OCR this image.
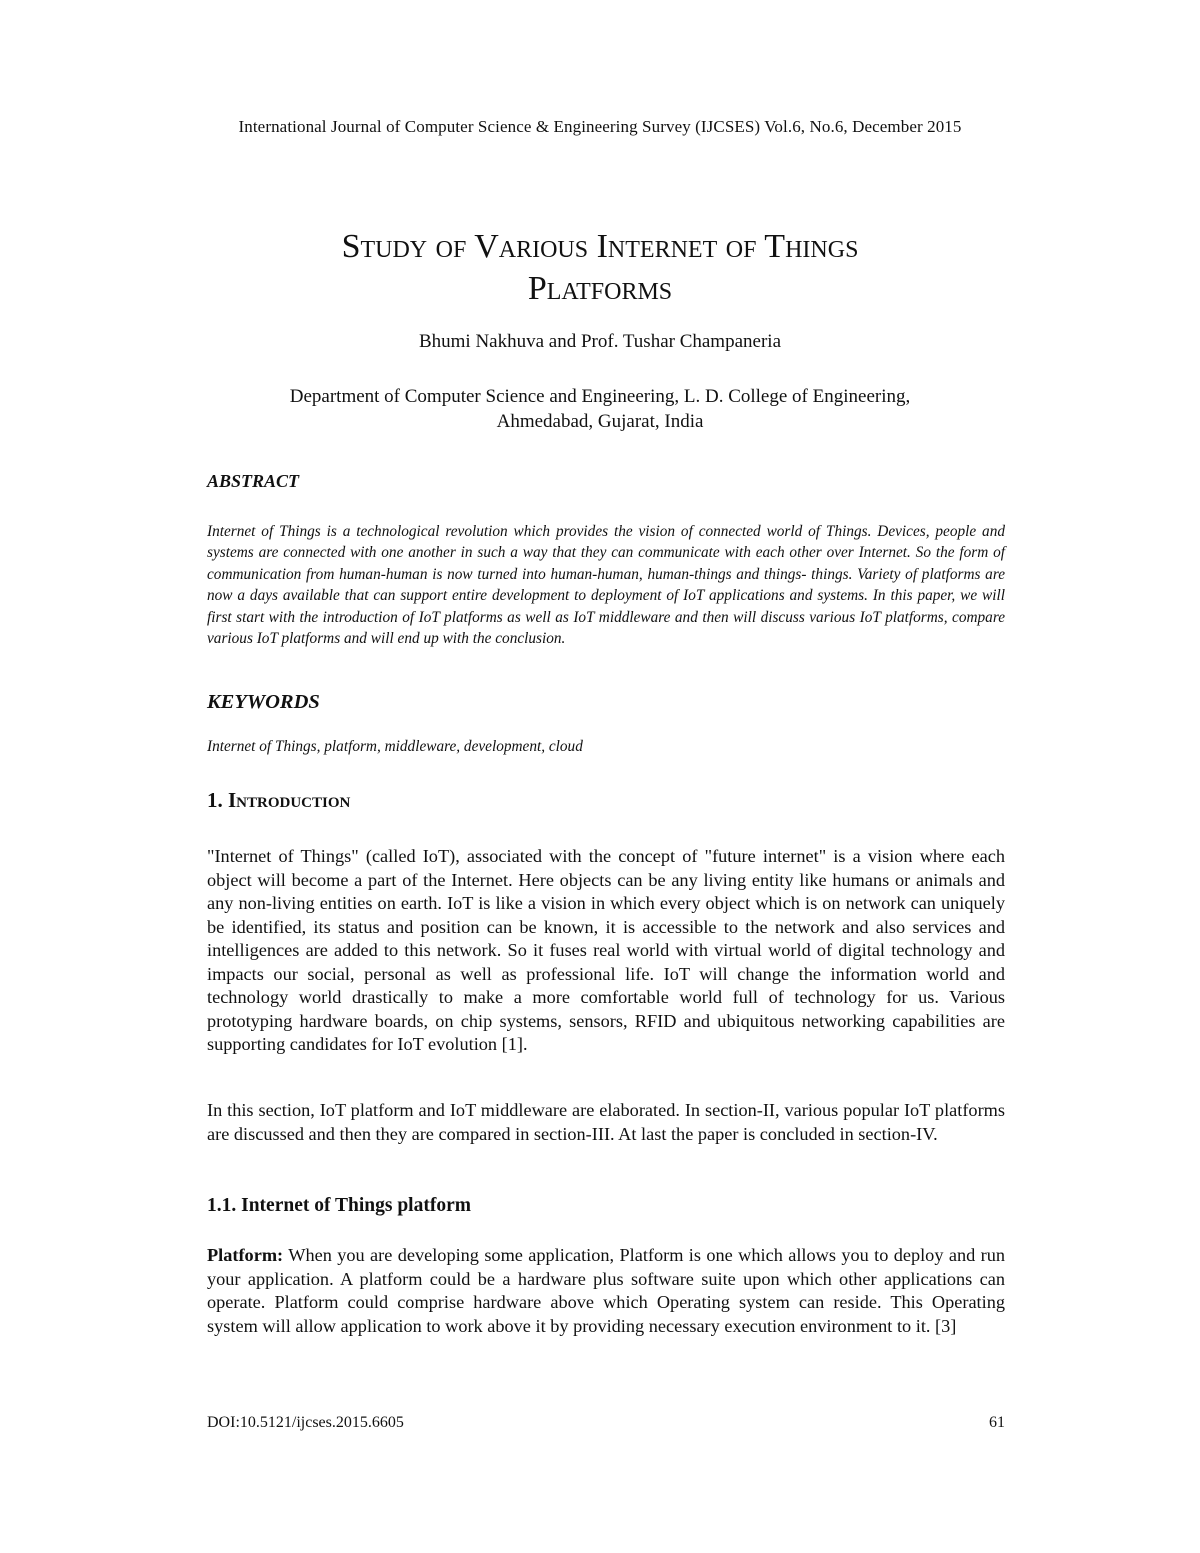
International Journal of Computer Science & Engineering Survey (IJCSES) Vol.6, No.6, December 2015
Study of Various Internet of Things
Platforms
Bhumi Nakhuva and Prof. Tushar Champaneria
Department of Computer Science and Engineering, L. D. College of Engineering,
Ahmedabad, Gujarat, India
ABSTRACT

Internet of Things is a technological revolution which provides the vision of connected world of Things. Devices, people and systems are connected with one another in such a way that they can communicate with each other over Internet. So the form of communication from human-human is now turned into human-human, human-things and things- things. Variety of platforms are now a days available that can support entire development to deployment of IoT applications and systems. In this paper, we will first start with the introduction of IoT platforms as well as IoT middleware and then will discuss various IoT platforms, compare various IoT platforms and will end up with the conclusion.

KEYWORDS

Internet of Things, platform, middleware, development, cloud

1. Introduction

"Internet of Things" (called IoT), associated with the concept of "future internet" is a vision where each object will become a part of the Internet. Here objects can be any living entity like humans or animals and any non-living entities on earth. IoT is like a vision in which every object which is on network can uniquely be identified, its status and position can be known, it is accessible to the network and also services and intelligences are added to this network. So it fuses real world with virtual world of digital technology and impacts our social, personal as well as professional life. IoT will change the information world and technology world drastically to make a more comfortable world full of technology for us. Various prototyping hardware boards, on chip systems, sensors, RFID and ubiquitous networking capabilities are supporting candidates for IoT evolution [1].

In this section, IoT platform and IoT middleware are elaborated. In section-II, various popular IoT platforms are discussed and then they are compared in section-III. At last the paper is concluded in section-IV.

1.1. Internet of Things platform

Platform: When you are developing some application, Platform is one which allows you to deploy and run your application. A platform could be a hardware plus software suite upon which other applications can operate. Platform could comprise hardware above which Operating system can reside. This Operating system will allow application to work above it by providing necessary execution environment to it. [3]

DOI:10.5121/ijcses.2015.6605	61
